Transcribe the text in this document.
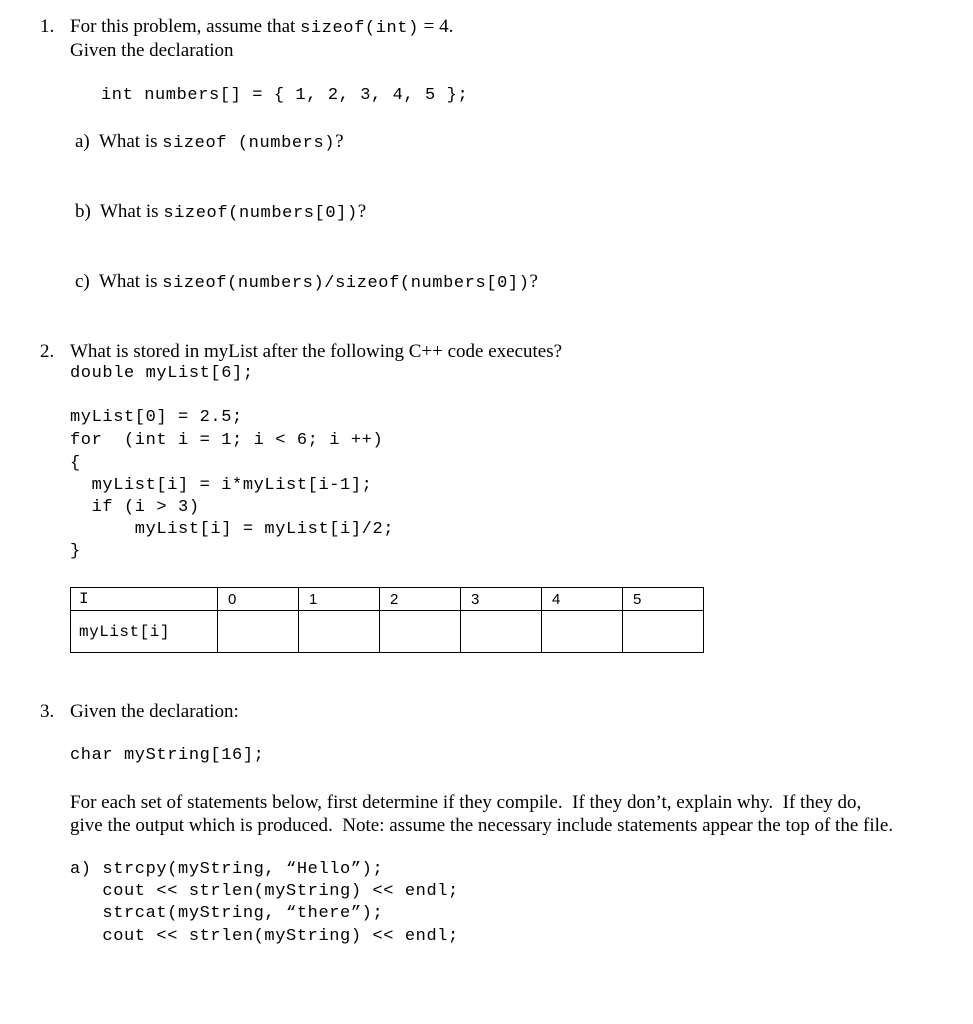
1. For this problem, assume that sizeof(int) = 4.
Given the declaration
int numbers[] = { 1, 2, 3, 4, 5 };
a) What is sizeof (numbers)?
b) What is sizeof(numbers[0])?
c) What is sizeof(numbers)/sizeof(numbers[0])?
2. What is stored in myList after the following C++ code executes?
double myList[6];
myList[0] = 2.5;
for  (int i = 1; i < 6; i ++)
{
myList[i] = i*myList[i-1];
if (i > 3)
myList[i] = myList[i]/2;
}
I	0	1	2	3	4	5

myList[i]						

3. Given the declaration:
char myString[16];
For each set of statements below, first determine if they compile.  If they don’t, explain why.  If they do,
give the output which is produced.  Note: assume the necessary include statements appear the top of the file.
a) strcpy(myString, “Hello”);
cout << strlen(myString) << endl;
strcat(myString, “there”);
cout << strlen(myString) << endl;
